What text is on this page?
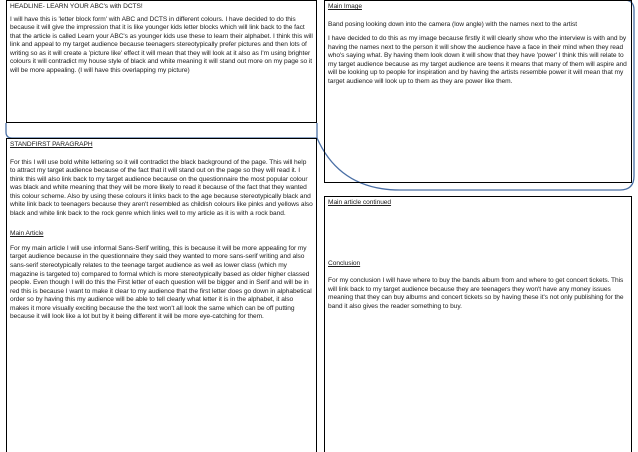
HEADLINE- LEARN YOUR ABC's with DCTS!

I will have this is 'letter block form' with ABC and DCTS in different colours. I have decided to do this because it will give the impression that it is like younger kids letter blocks which will link back to the fact that the article is called Learn your ABC's as younger kids use these to learn their alphabet. I think this will link and appeal to my target audience because teenagers stereotypically prefer pictures and then lots of writing so as it will create a 'picture like' effect it will mean that they will look at it also as I'm using brighter colours it will contradict my house style of black and white meaning it will stand out more on my page so it will be more appealing. (I will have this overlapping my picture)

STANDFIRST PARAGRAPH

For this I will use bold white lettering so it will contradict the black background of the page. This will help to attract my target audience because of the fact that it will stand out on the page so they will read it. I think this will also link back to my target audience because on the questionnaire the most popular colour was black and white meaning that they will be more likely to read it because of the fact that they wanted this colour scheme. Also by using these colours it links back to the age because stereotypically black and white link back to teenagers because they aren't resembled as childish colours like pinks and yellows also black and white link back to the rock genre which links well to my article as it is with a rock band.

Main Article

For my main article I will use informal Sans-Serif writing, this is because it will be more appealing for my target audience because in the questionnaire they said they wanted to more sans-serif writing and also sans-serif stereotypically relates to the teenage target audience as well as lower class (which my magazine is targeted to) compared to formal which is more stereotypically based as older higher classed people. Even though I will do this the First letter of each question will be bigger and in Serif and will be in red this is because I want to make it clear to my audience that the first letter does go down in alphabetical order so by having this my audience will be able to tell clearly what letter it is in the alphabet, it also makes it more visually exciting because the the text won't all look the same which can be off putting because it will look like a lot but by it being different it will be more eye-catching for them.

Main Image

Band posing looking down into the camera (low angle) with the names next to the artist

I have decided to do this as my image because firstly it will clearly show who the interview is with and by having the names next to the person it will show the audience have a face in their mind when they read who's saying what. By having them look down it will show that they have 'power' I think this will relate to my target audience because as my target audience are teens it means that many of them will aspire and will be looking up to people for inspiration and by having the artists resemble power it will mean that my target audience will look up to them as they are power like them.

Main article continued
Conclusion

For my conclusion I will have where to buy the bands album from and where to get concert tickets. This will link back to my target audience because they are teenagers they won't have any money issues meaning that they can buy albums and concert tickets so by having these it's not only publishing for the band it also gives the reader something to buy.
